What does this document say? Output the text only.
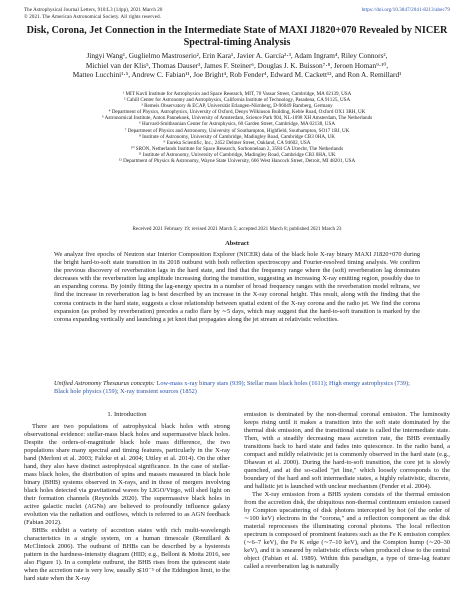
The Astrophysical Journal Letters, 910:L3 (14pp), 2021 March 20	https://doi.org/10.3847/2041-8213/abec79
© 2021. The American Astronomical Society. All rights reserved.
Disk, Corona, Jet Connection in the Intermediate State of MAXI J1820+070 Revealed by NICER Spectral-timing Analysis
Jingyi Wang¹, Guglielmo Mastroserio², Erin Kara¹, Javier A. García²·³, Adam Ingram⁴, Riley Connors²,
Michiel van der Klis⁵, Thomas Dauser³, James F. Steiner⁶, Douglas J. K. Buisson⁷·⁸, Jeroen Homan⁹·¹⁰,
Matteo Lucchini¹·⁵, Andrew C. Fabian¹¹, Joe Bright⁴, Rob Fender⁴, Edward M. Cackett¹², and Ron A. Remillard¹
¹ MIT Kavli Institute for Astrophysics and Space Research, MIT, 70 Vassar Street, Cambridge, MA 02139, USA
² Cahill Center for Astronomy and Astrophysics, California Institute of Technology, Pasadena, CA 91125, USA
³ Remeis Observatory & ECAP, Universität Erlangen-Nürnberg, D-96049 Bamberg, Germany
⁴ Department of Physics, Astrophysics, University of Oxford, Denys Wilkinson Building, Keble Road, Oxford OX1 3RH, UK
⁵ Astronomical Institute, Anton Pannekoek, University of Amsterdam, Science Park 904, NL-1098 XH Amsterdam, The Netherlands
⁶ Harvard-Smithsonian Center for Astrophysics, 60 Garden Street, Cambridge, MA 02138, USA
⁷ Department of Physics and Astronomy, University of Southampton, Highfield, Southampton, SO17 1BJ, UK
⁸ Institute of Astronomy, University of Cambridge, Madingley Road, Cambridge CB3 0HA, UK
⁹ Eureka Scientific, Inc., 2452 Delmer Street, Oakland, CA 94602, USA
¹⁰ SRON, Netherlands Institute for Space Research, Sorbonnelaan 2, 3584 CA Utrecht, The Netherlands
¹¹ Institute of Astronomy, University of Cambridge, Madingley Road, Cambridge CB3 0HA, UK
¹² Department of Physics & Astronomy, Wayne State University, 666 West Hancock Street, Detroit, MI 48201, USA
Received 2021 February 19; revised 2021 March 5; accepted 2021 March 8; published 2021 March 23
Abstract
We analyze five epochs of Neutron star Interior Composition Explorer (NICER) data of the black hole X-ray binary MAXI J1820+070 during the bright hard-to-soft state transition in its 2018 outburst with both reflection spectroscopy and Fourier-resolved timing analysis. We confirm the previous discovery of reverberation lags in the hard state, and find that the frequency range where the (soft) reverberation lag dominates decreases with the reverberation lag amplitude increasing during the transition, suggesting an increasing X-ray emitting region, possibly due to an expanding corona. By jointly fitting the lag-energy spectra in a number of broad frequency ranges with the reverberation model reltrans, we find the increase in reverberation lag is best described by an increase in the X-ray coronal height. This result, along with the finding that the corona contracts in the hard state, suggests a close relationship between spatial extent of the X-ray corona and the radio jet. We find the corona expansion (as probed by reverberation) precedes a radio flare by ∼5 days, which may suggest that the hard-to-soft transition is marked by the corona expanding vertically and launching a jet knot that propagates along the jet stream at relativistic velocities.
Unified Astronomy Thesaurus concepts: Low-mass x-ray binary stars (939); Stellar mass black holes (1611); High energy astrophysics (739); Black hole physics (159); X-ray transient sources (1852)
1. Introduction

There are two populations of astrophysical black holes with strong observational evidence: stellar-mass black holes and supermassive black holes. Despite the orders-of-magnitude black hole mass difference, the two populations share many spectral and timing features, particularly in the X-ray band (Merloni et al. 2003; Falcke et al. 2004; Uttley et al. 2014). On the other hand, they also have distinct astrophysical significance. In the case of stellar-mass black holes, the distribution of spins and masses measured in black hole binary (BHB) systems observed in X-rays, and in those of mergers involving black holes detected via gravitational waves by LIGO/Virgo, will shed light on their formation channels (Reynolds 2020). The supermassive black holes in active galactic nuclei (AGNs) are believed to profoundly influence galaxy evolution via the radiation and outflows, which is referred to as AGN feedback (Fabian 2012).

BHBs exhibit a variety of accretion states with rich multi-wavelength characteristics in a single system, on a human timescale (Remillard & McClintock 2006). The outburst of BHBs can be described by a hysteresis pattern in the hardness-intensity diagram (HID; e.g., Belloni & Motta 2016, see also Figure 1). In a complete outburst, the BHB rises from the quiescent state when the accretion rate is very low, usually ≲10⁻⁵ of the Eddington limit, to the hard state when the X-ray

emission is dominated by the non-thermal coronal emission. The luminosity keeps rising until it makes a transition into the soft state dominated by the thermal disk emission, and the transitional state is called the intermediate state. Then, with a steadily decreasing mass accretion rate, the BHB eventually transitions back to hard state and fades into quiescence. In the radio band, a compact and mildly relativistic jet is commonly observed in the hard state (e.g., Dhawan et al. 2000). During the hard-to-soft transition, the core jet is slowly quenched, and at the so-called "jet line," which loosely corresponds to the boundary of the hard and soft intermediate states, a highly relativistic, discrete, and ballistic jet is launched with unclear mechanism (Fender et al. 2004).

The X-ray emission from a BHB system consists of the thermal emission from the accretion disk, the ubiquitous non-thermal continuum emission caused by Compton upscattering of disk photons intercepted by hot (of the order of ∼100 keV) electrons in the "corona," and a reflection component as the disk material reprocesses the illuminating coronal photons. The local reflection spectrum is composed of prominent features such as the Fe K emission complex (∼6–7 keV), the Fe K edge (∼7–10 keV), and the Compton hump (∼20–30 keV), and it is smeared by relativistic effects when produced close to the central object (Fabian et al. 1989). Within this paradigm, a type of time-lag feature called a reverberation lag is naturally
